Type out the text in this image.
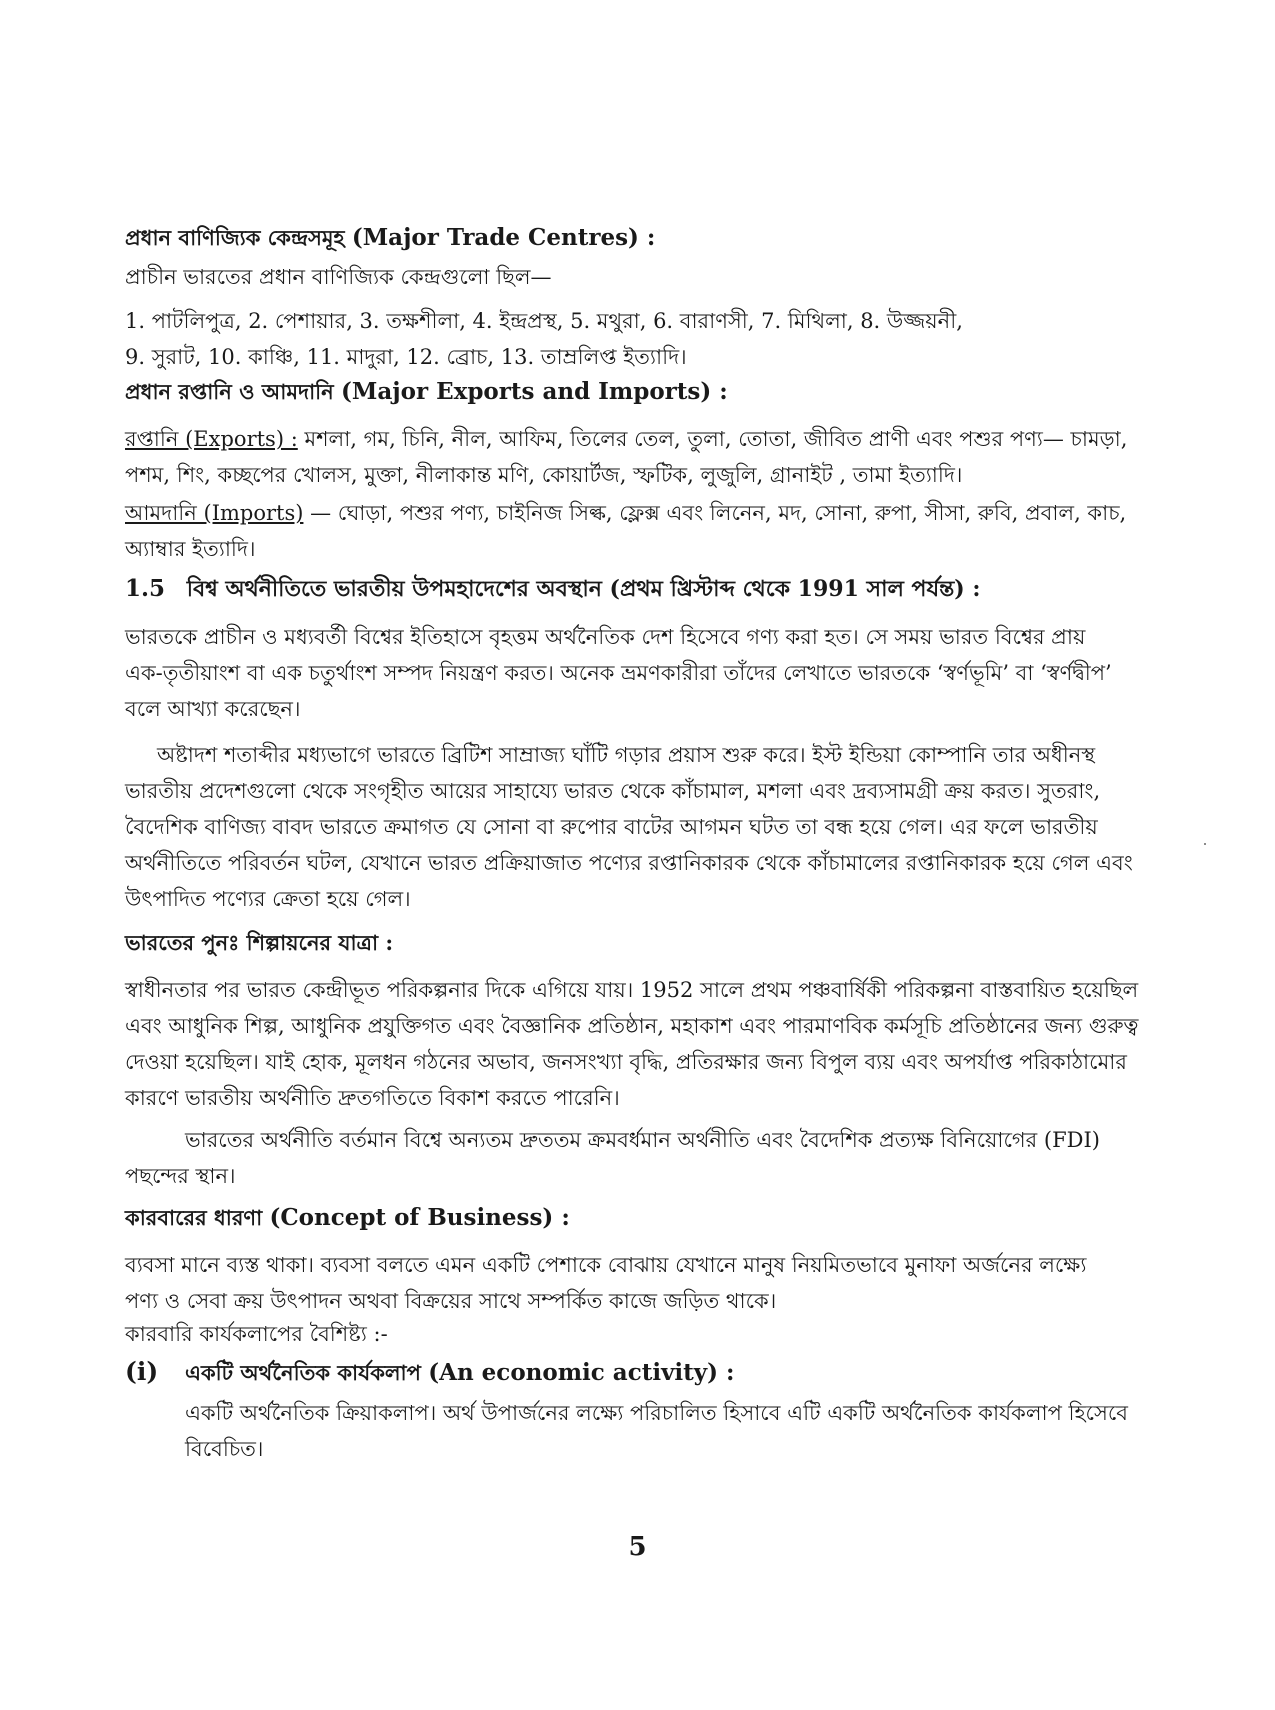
প্রধান বাণিজ্যিক কেন্দ্রসমূহ (Major Trade Centres) :
প্রাচীন ভারতের প্রধান বাণিজ্যিক কেন্দ্রগুলো ছিল—
1. পাটলিপুত্র, 2. পেশায়ার, 3. তক্ষশীলা, 4. ইন্দ্রপ্রস্থ, 5. মথুরা, 6. বারাণসী, 7. মিথিলা, 8. উজ্জয়নী,
9. সুরাট, 10. কাঞ্চি, 11. মাদুরা, 12. ব্রোচ, 13. তাম্রলিপ্ত ইত্যাদি।
প্রধান রপ্তানি ও আমদানি (Major Exports and Imports) :
রপ্তানি (Exports) : মশলা, গম, চিনি, নীল, আফিম, তিলের তেল, তুলা, তোতা, জীবিত প্রাণী এবং পশুর পণ্য— চামড়া,
পশম, শিং, কচ্ছপের খোলস, মুক্তা, নীলাকান্ত মণি, কোয়ার্টজ, স্ফটিক, লুজুলি, গ্রানাইট , তামা ইত্যাদি।
আমদানি (Imports) — ঘোড়া, পশুর পণ্য, চাইনিজ সিল্ক, ফ্লেক্স এবং লিনেন, মদ, সোনা, রুপা, সীসা, রুবি, প্রবাল, কাচ,
অ্যাম্বার ইত্যাদি।
1.5 বিশ্ব অর্থনীতিতে ভারতীয় উপমহাদেশের অবস্থান (প্রথম খ্রিস্টাব্দ থেকে 1991 সাল পর্যন্ত) :
ভারতকে প্রাচীন ও মধ্যবর্তী বিশ্বের ইতিহাসে বৃহত্তম অর্থনৈতিক দেশ হিসেবে গণ্য করা হত। সে সময় ভারত বিশ্বের প্রায়
এক-তৃতীয়াংশ বা এক চতুর্থাংশ সম্পদ নিয়ন্ত্রণ করত। অনেক ভ্রমণকারীরা তাঁদের লেখাতে ভারতকে ‘স্বর্ণভূমি’ বা ‘স্বর্ণদ্বীপ’
বলে আখ্যা করেছেন।
অষ্টাদশ শতাব্দীর মধ্যভাগে ভারতে ব্রিটিশ সাম্রাজ্য ঘাঁটি গড়ার প্রয়াস শুরু করে। ইস্ট ইন্ডিয়া কোম্পানি তার অধীনস্থ
ভারতীয় প্রদেশগুলো থেকে সংগৃহীত আয়ের সাহায্যে ভারত থেকে কাঁচামাল, মশলা এবং দ্রব্যসামগ্রী ক্রয় করত। সুতরাং,
বৈদেশিক বাণিজ্য বাবদ ভারতে ক্রমাগত যে সোনা বা রুপোর বাটের আগমন ঘটত তা বন্ধ হয়ে গেল। এর ফলে ভারতীয়
অর্থনীতিতে পরিবর্তন ঘটল, যেখানে ভারত প্রক্রিয়াজাত পণ্যের রপ্তানিকারক থেকে কাঁচামালের রপ্তানিকারক হয়ে গেল এবং
উৎপাদিত পণ্যের ক্রেতা হয়ে গেল।
ভারতের পুনঃ শিল্পায়নের যাত্রা :
স্বাধীনতার পর ভারত কেন্দ্রীভূত পরিকল্পনার দিকে এগিয়ে যায়। 1952 সালে প্রথম পঞ্চবার্ষিকী পরিকল্পনা বাস্তবায়িত হয়েছিল
এবং আধুনিক শিল্প, আধুনিক প্রযুক্তিগত এবং বৈজ্ঞানিক প্রতিষ্ঠান, মহাকাশ এবং পারমাণবিক কর্মসূচি প্রতিষ্ঠানের জন্য গুরুত্ব
দেওয়া হয়েছিল। যাই হোক, মূলধন গঠনের অভাব, জনসংখ্যা বৃদ্ধি, প্রতিরক্ষার জন্য বিপুল ব্যয় এবং অপর্যাপ্ত পরিকাঠামোর
কারণে ভারতীয় অর্থনীতি দ্রুতগতিতে বিকাশ করতে পারেনি।
ভারতের অর্থনীতি বর্তমান বিশ্বে অন্যতম দ্রুততম ক্রমবর্ধমান অর্থনীতি এবং বৈদেশিক প্রত্যক্ষ বিনিয়োগের (FDI)
পছন্দের স্থান।
কারবারের ধারণা (Concept of Business) :
ব্যবসা মানে ব্যস্ত থাকা। ব্যবসা বলতে এমন একটি পেশাকে বোঝায় যেখানে মানুষ নিয়মিতভাবে মুনাফা অর্জনের লক্ষ্যে
পণ্য ও সেবা ক্রয় উৎপাদন অথবা বিক্রয়ের সাথে সম্পর্কিত কাজে জড়িত থাকে।
কারবারি কার্যকলাপের বৈশিষ্ট্য :-
(i) একটি অর্থনৈতিক কার্যকলাপ (An economic activity) :
একটি অর্থনৈতিক ক্রিয়াকলাপ। অর্থ উপার্জনের লক্ষ্যে পরিচালিত হিসাবে এটি একটি অর্থনৈতিক কার্যকলাপ হিসেবে
বিবেচিত।
5
